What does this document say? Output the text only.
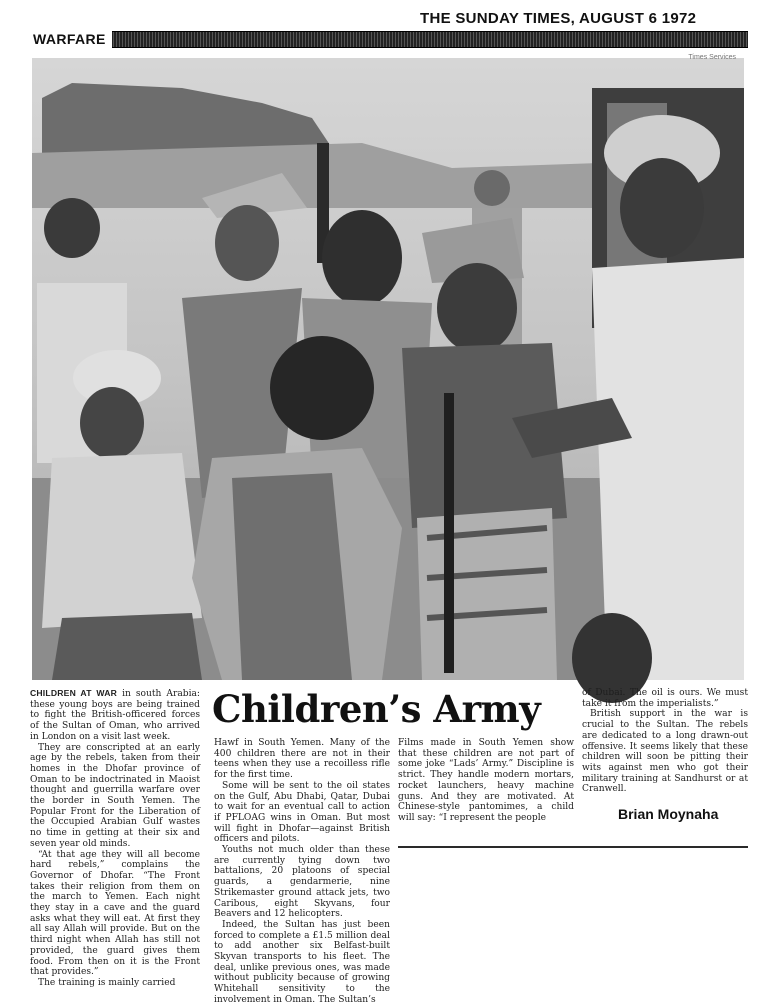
THE SUNDAY TIMES, AUGUST 6 1972
WARFARE
Times Services

CHILDREN AT WAR in south Arabia: these young boys are being trained to fight the British-officered forces of the Sultan of Oman, who arrived in London on a visit last week.

They are conscripted at an early age by the rebels, taken from their homes in the Dhofar province of Oman to be indoctrinated in Maoist thought and guerrilla warfare over the border in South Yemen. The Popular Front for the Liberation of the Occupied Arabian Gulf wastes no time in getting at their six and seven year old minds.

“At that age they will all become hard rebels,” complains the Governor of Dhofar. “The Front takes their religion from them on the march to Yemen. Each night they stay in a cave and the guard asks what they will eat. At first they all say Allah will provide. But on the third night when Allah has still not provided, the guard gives them food. From then on it is the Front that provides.”

The training is mainly carried

Children’s Army

Hawf in South Yemen. Many of the 400 children there are not in their teens when they use a recoilless rifle for the first time.

Some will be sent to the oil states on the Gulf, Abu Dhabi, Qatar, Dubai to wait for an eventual call to action if PFLOAG wins in Oman. But most will fight in Dhofar—against British officers and pilots.

Youths not much older than these are currently tying down two battalions, 20 platoons of special guards, a gendarmerie, nine Strikemaster ground attack jets, two Caribous, eight Skyvans, four Beavers and 12 helicopters.

Indeed, the Sultan has just been forced to complete a £1.5 million deal to add another six Belfast-built Skyvan transports to his fleet. The deal, unlike previous ones, was made without publicity because of growing Whitehall sensitivity to the involvement in Oman. The Sultan’s

Films made in South Yemen show that these children are not part of some joke “Lads’ Army.” Discipline is strict. They handle modern mortars, rocket launchers, heavy machine guns. And they are motivated. At Chinese-style pantomimes, a child will say: “I represent the people

of Dubai. The oil is ours. We must take it from the imperialists.”

British support in the war is crucial to the Sultan. The rebels are dedicated to a long drawn-out offensive. It seems likely that these children will soon be pitting their wits against men who got their military training at Sandhurst or at Cranwell.

Brian Moynaha
